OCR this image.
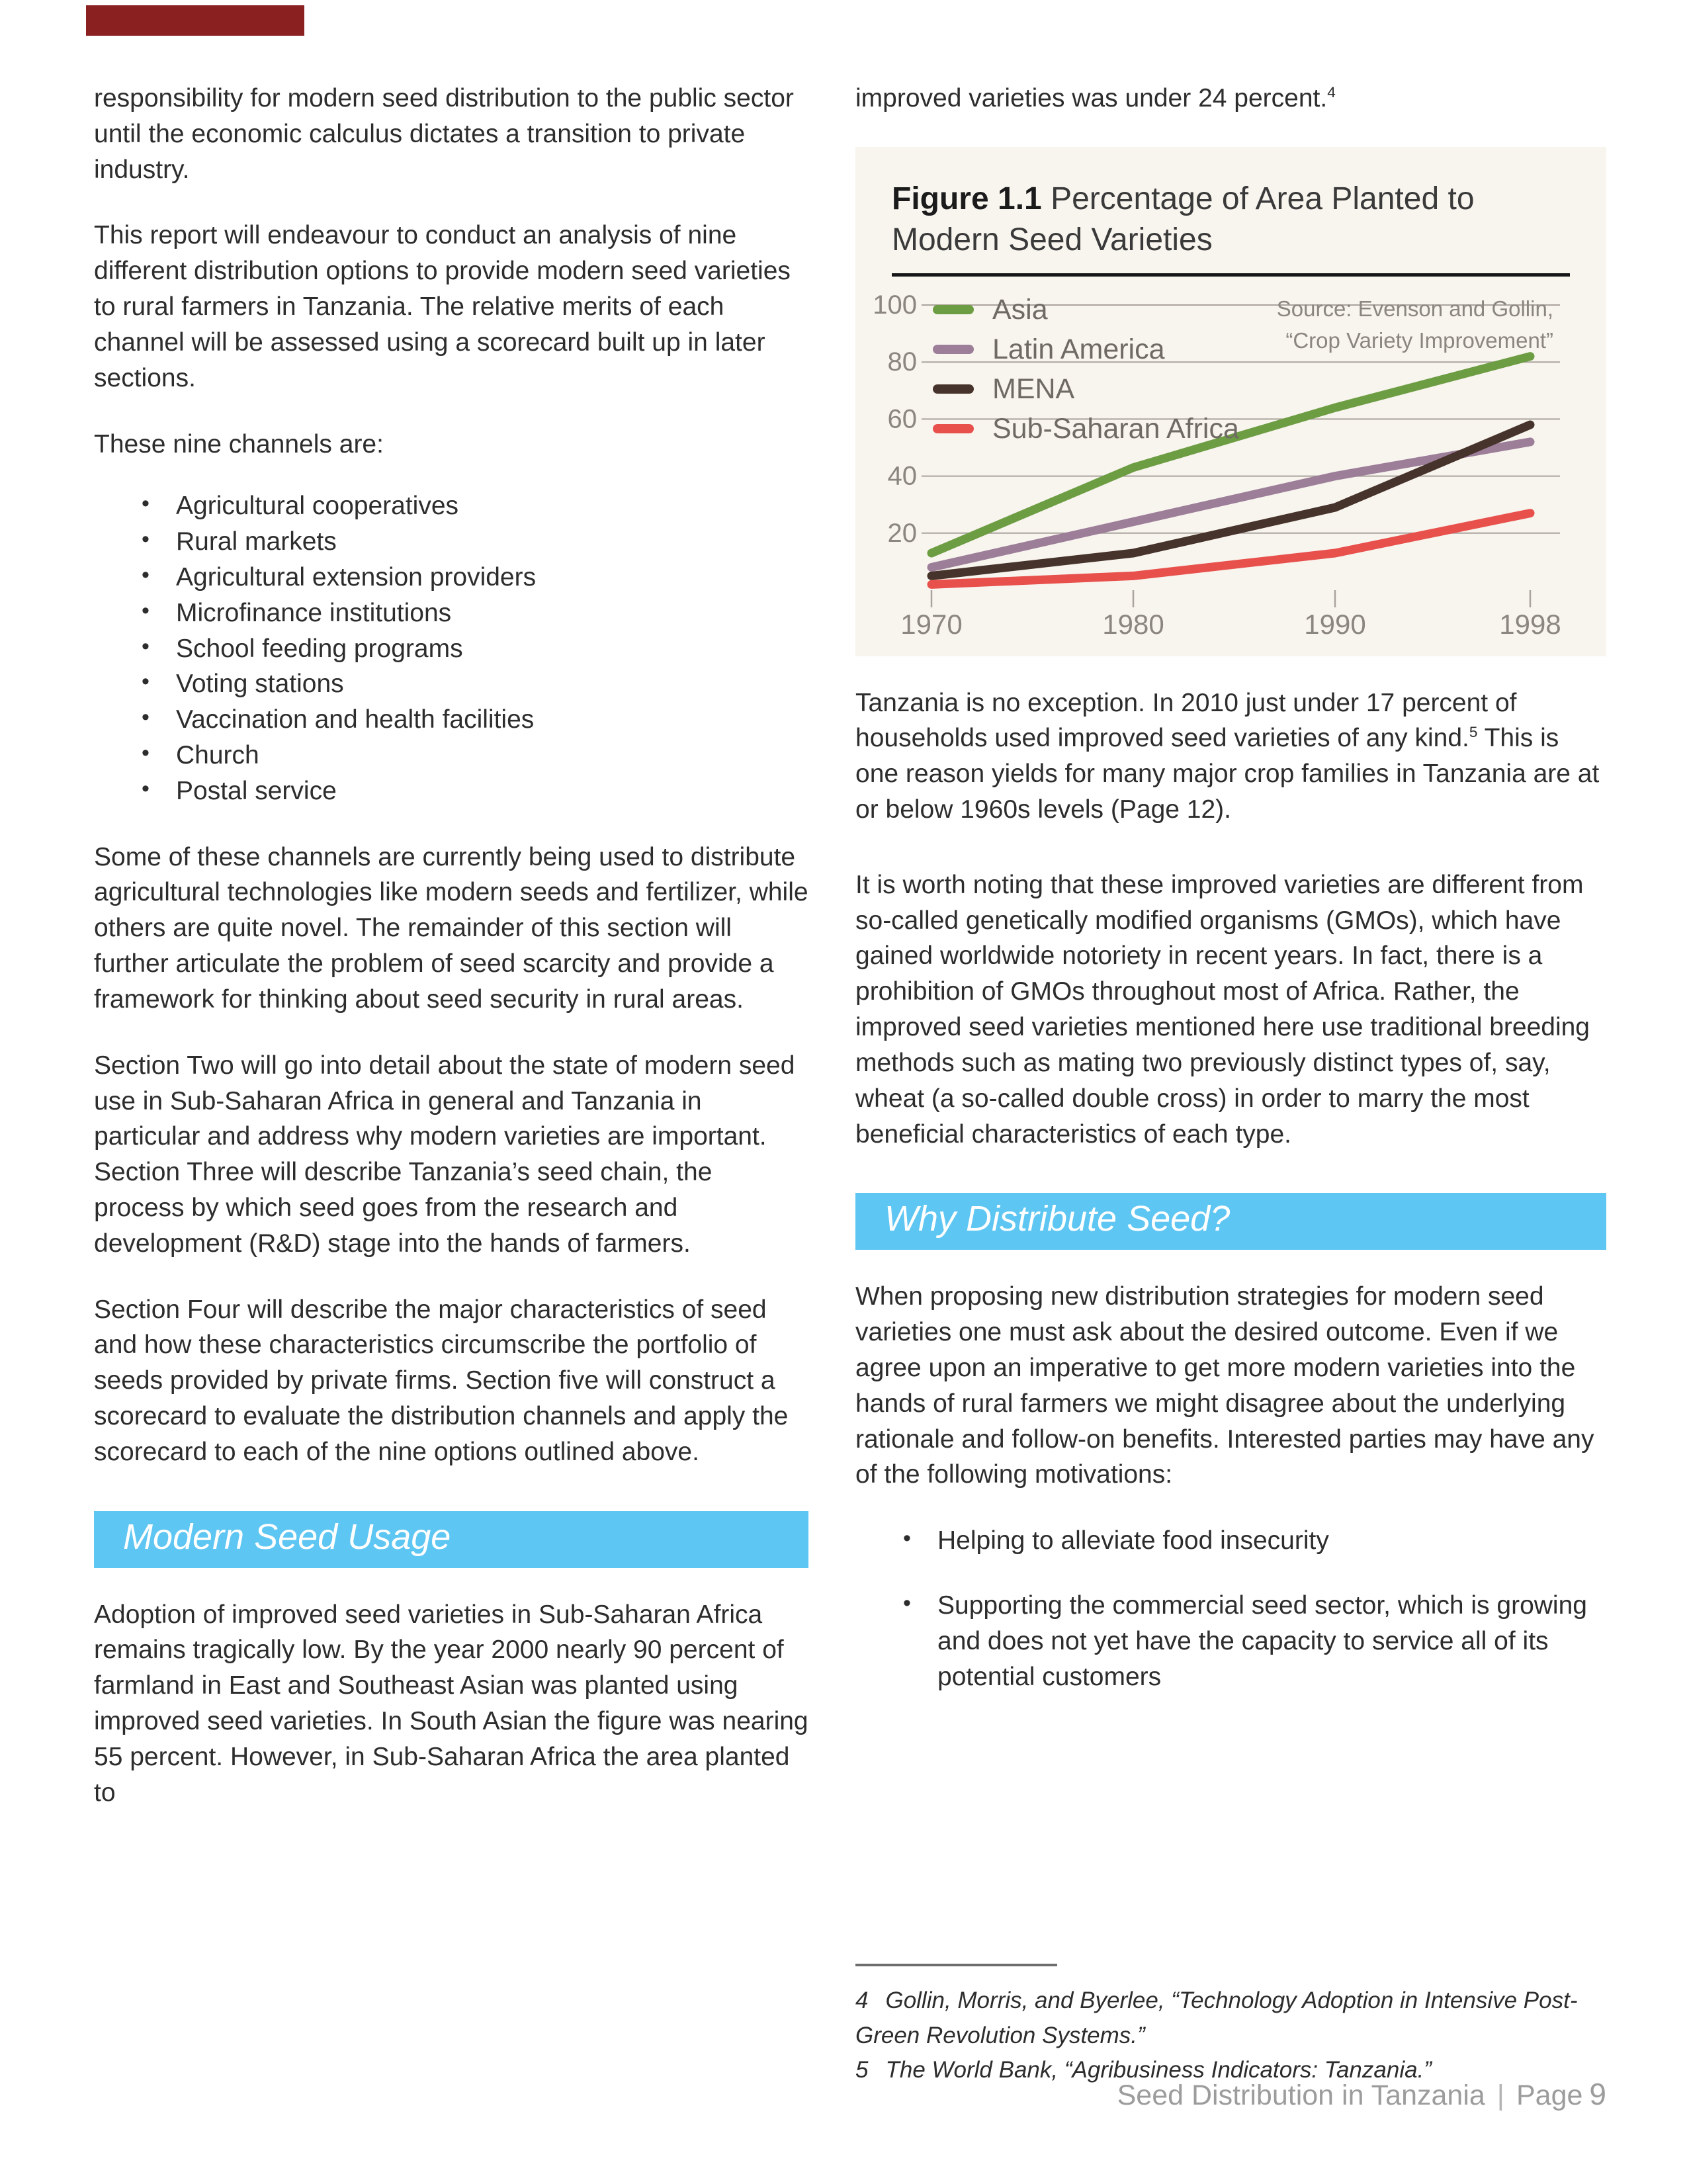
responsibility for modern seed distribution to the public sector until the economic calculus dictates a transition to private industry.

This report will endeavour to conduct an analysis of nine different distribution options to provide modern seed varieties to rural farmers in Tanzania. The relative merits of each channel will be assessed using a scorecard built up in later sections.

These nine channels are:

• Agricultural cooperatives
• Rural markets
• Agricultural extension providers
• Microfinance institutions
• School feeding programs
• Voting stations
• Vaccination and health facilities
• Church
• Postal service

Some of these channels are currently being used to distribute agricultural technologies like modern seeds and fertilizer, while others are quite novel. The remainder of this section will further articulate the problem of seed scarcity and provide a framework for thinking about seed security in rural areas.

Section Two will go into detail about the state of modern seed use in Sub-Saharan Africa in general and Tanzania in particular and address why modern varieties are important. Section Three will describe Tanzania’s seed chain, the process by which seed goes from the research and development (R&D) stage into the hands of farmers.

Section Four will describe the major characteristics of seed and how these characteristics circumscribe the portfolio of seeds provided by private firms. Section five will construct a scorecard to evaluate the distribution channels and apply the scorecard to each of the nine options outlined above.

Modern Seed Usage

Adoption of improved seed varieties in Sub-Saharan Africa remains tragically low. By the year 2000 nearly 90 percent of farmland in East and Southeast Asian was planted using improved seed varieties. In South Asian the figure was nearing 55 percent. However, in Sub-Saharan Africa the area planted to

improved varieties was under 24 percent.$^4$

Figure 1.1 Percentage of Area Planted to Modern Seed Varieties
20
40
60
80
100
1970	1980	1990	1998
Asia
Latin America
MENA
Sub-Saharan Africa
Source: Evenson and Gollin,
“Crop Variety Improvement”

Tanzania is no exception. In 2010 just under 17 percent of households used improved seed varieties of any kind.$^5$ This is one reason yields for many major crop families in Tanzania are at or below 1960s levels (Page 12).

It is worth noting that these improved varieties are different from so-called genetically modified organisms (GMOs), which have gained worldwide notoriety in recent years. In fact, there is a prohibition of GMOs throughout most of Africa. Rather, the improved seed varieties mentioned here use traditional breeding methods such as mating two previously distinct types of, say, wheat (a so-called double cross) in order to marry the most beneficial characteristics of each type.

Why Distribute Seed?

When proposing new distribution strategies for modern seed varieties one must ask about the desired outcome. Even if we agree upon an imperative to get more modern varieties into the hands of rural farmers we might disagree about the underlying rationale and follow-on benefits. Interested parties may have any of the following motivations:

• Helping to alleviate food insecurity
• Supporting the commercial seed sector, which is growing and does not yet have the capacity to service all of its potential customers
4 Gollin, Morris, and Byerlee, “Technology Adoption in Intensive Post-Green Revolution Systems.”
5 The World Bank, “Agribusiness Indicators: Tanzania.”
Seed Distribution in Tanzania | Page 9
